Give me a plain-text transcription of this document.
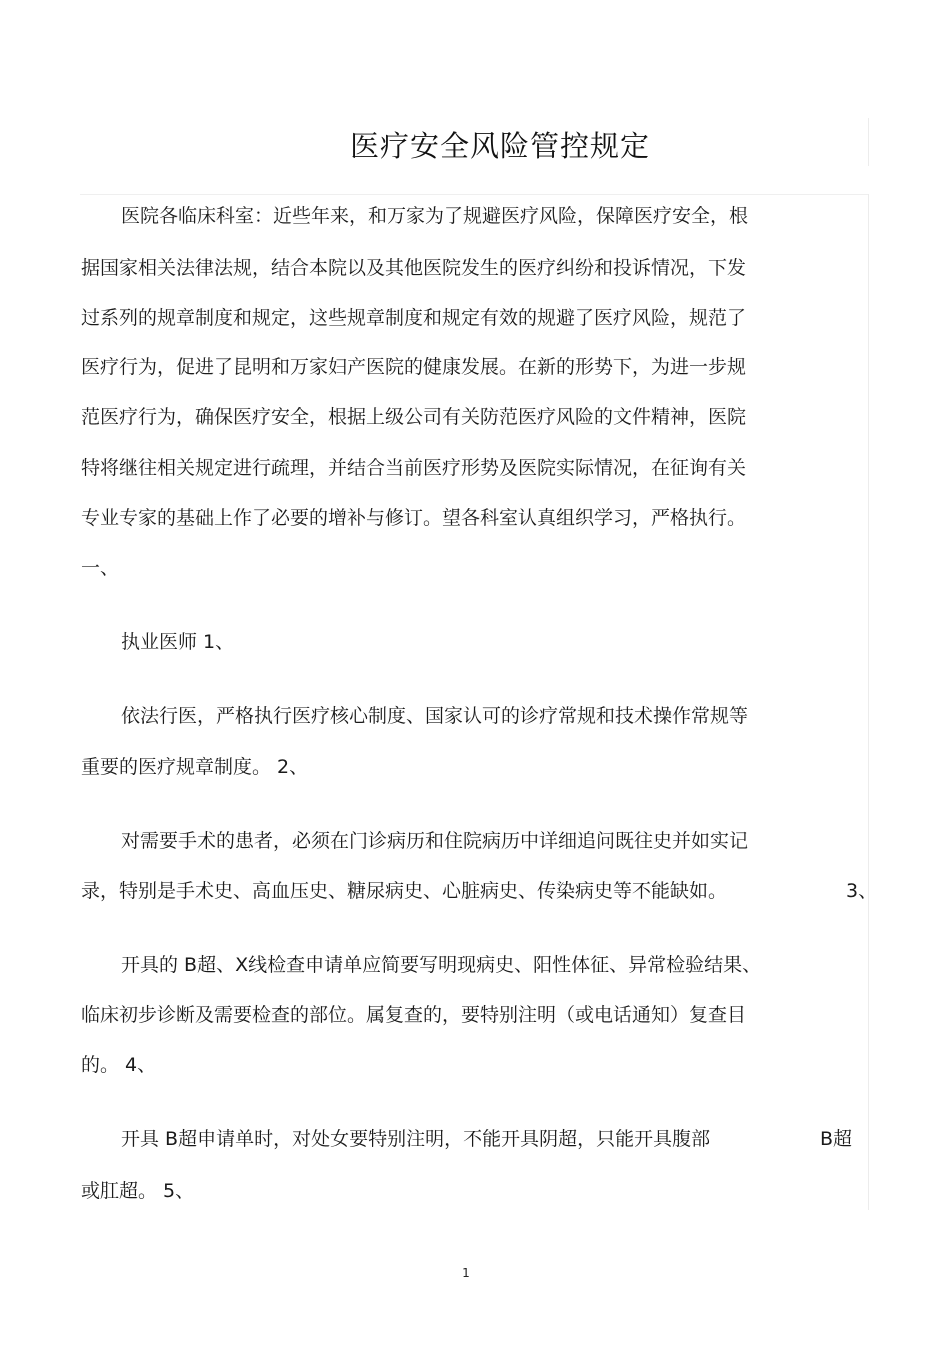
医疗安全风险管控规定
医院各临床科室：近些年来，和万家为了规避医疗风险，保障医疗安全，根
据国家相关法律法规，结合本院以及其他医院发生的医疗纠纷和投诉情况，下发
过系列的规章制度和规定，这些规章制度和规定有效的规避了医疗风险，规范了
医疗行为，促进了昆明和万家妇产医院的健康发展。在新的形势下，为进一步规
范医疗行为，确保医疗安全，根据上级公司有关防范医疗风险的文件精神，医院
特将继往相关规定进行疏理，并结合当前医疗形势及医院实际情况，在征询有关
专业专家的基础上作了必要的增补与修订。望各科室认真组织学习，严格执行。
一、
执业医师 1、
依法行医，严格执行医疗核心制度、国家认可的诊疗常规和技术操作常规等
重要的医疗规章制度。 2、
对需要手术的患者，必须在门诊病历和住院病历中详细追问既往史并如实记
录，特别是手术史、高血压史、糖尿病史、心脏病史、传染病史等不能缺如。	3、
开具的 B超、X线检查申请单应简要写明现病史、阳性体征、异常检验结果、
临床初步诊断及需要检查的部位。属复查的，要特别注明（或电话通知）复查目
的。 4、
开具 B超申请单时，对处女要特别注明，不能开具阴超，只能开具腹部	B超
或肛超。 5、
1
